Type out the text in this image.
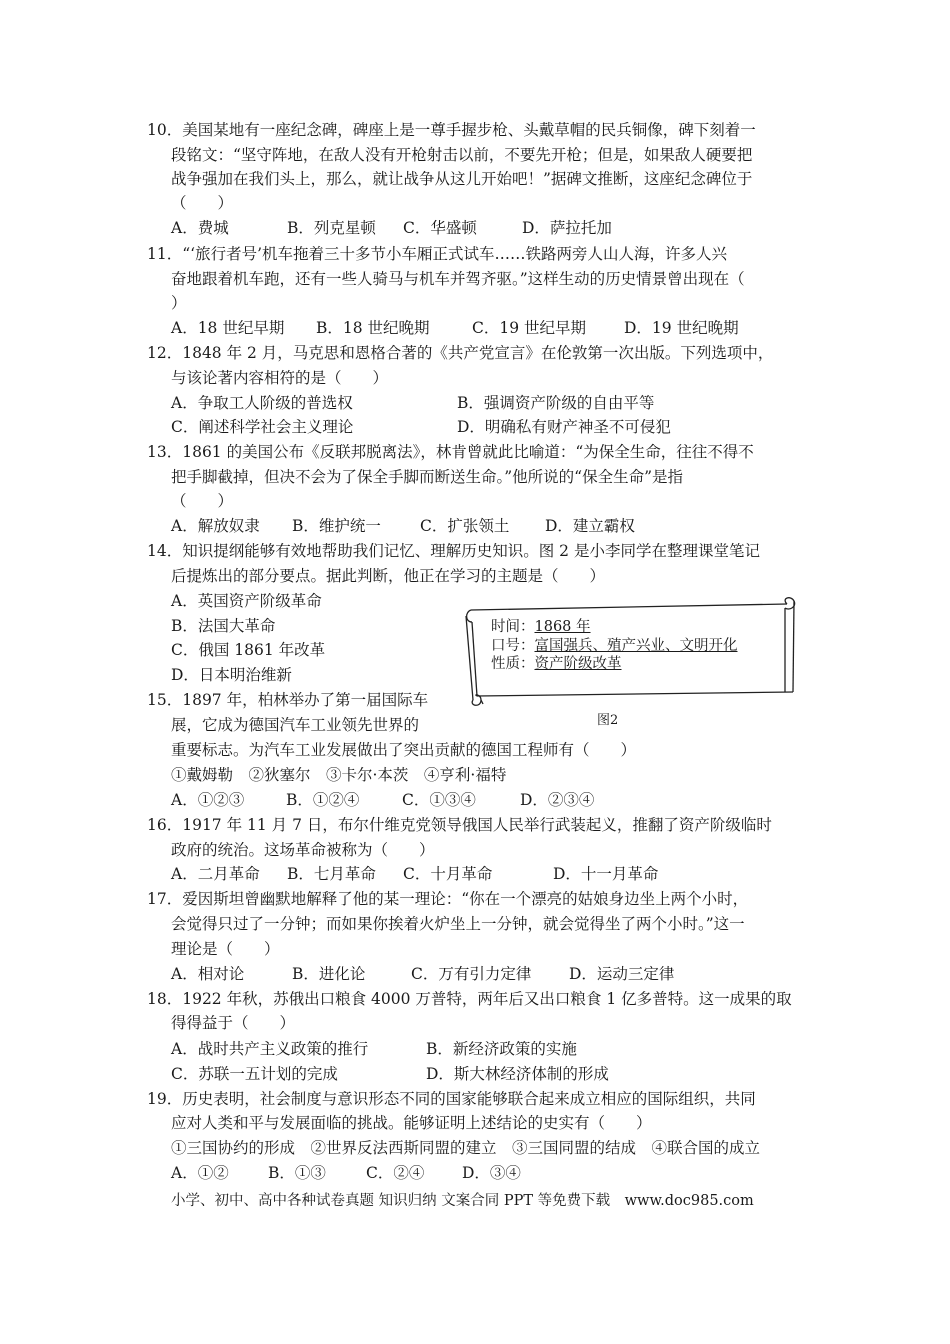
10．美国某地有一座纪念碑，碑座上是一尊手握步枪、头戴草帽的民兵铜像，碑下刻着一
段铭文：“坚守阵地，在敌人没有开枪射击以前，不要先开枪；但是，如果敌人硬要把
战争强加在我们头上，那么，就让战争从这儿开始吧！”据碑文推断，这座纪念碑位于
（　　）
A．费城	B．列克星顿 C．华盛顿	D．萨拉托加
11．“‘旅行者号’机车拖着三十多节小车厢正式试车……铁路两旁人山人海，许多人兴
奋地跟着机车跑，还有一些人骑马与机车并驾齐驱。”这样生动的历史情景曾出现在（
）
A．18 世纪早期 B．18 世纪晚期	C．19 世纪早期 D．19 世纪晚期
12．1848 年 2 月，马克思和恩格合著的《共产党宣言》在伦敦第一次出版。下列选项中，
与该论著内容相符的是（　　）
A．争取工人阶级的普选权	B．强调资产阶级的自由平等
C．阐述科学社会主义理论	D．明确私有财产神圣不可侵犯
13．1861 的美国公布《反联邦脱离法》，林肯曾就此比喻道：“为保全生命，往往不得不
把手脚截掉，但决不会为了保全手脚而断送生命。”他所说的“保全生命”是指
（　　）
A．解放奴隶 B．维护统一	C．扩张领土 D．建立霸权
14．知识提纲能够有效地帮助我们记忆、理解历史知识。图 2 是小李同学在整理课堂笔记
后提炼出的部分要点。据此判断，他正在学习的主题是（　　）
A．英国资产阶级革命
B．法国大革命
C．俄国 1861 年改革
D．日本明治维新
时间：1868 年
口号：富国强兵、殖产兴业、文明开化
性质：资产阶级改革
图2
15．1897 年，柏林举办了第一届国际车
展，它成为德国汽车工业领先世界的
重要标志。为汽车工业发展做出了突出贡献的德国工程师有（　　）
①戴姆勒　②狄塞尔　③卡尔·本茨　④亨利·福特
A．①②③	B．①②④	C．①③④	D．②③④
16．1917 年 11 月 7 日，布尔什维克党领导俄国人民举行武装起义，推翻了资产阶级临时
政府的统治。这场革命被称为（　　）
A．二月革命 B．七月革命 C．十月革命	D．十一月革命
17．爱因斯坦曾幽默地解释了他的某一理论：“你在一个漂亮的姑娘身边坐上两个小时，
会觉得只过了一分钟；而如果你挨着火炉坐上一分钟，就会觉得坐了两个小时。”这一
理论是（　　）
A．相对论	B．进化论	C．万有引力定律 D．运动三定律
18．1922 年秋，苏俄出口粮食 4000 万普特，两年后又出口粮食 1 亿多普特。这一成果的取
得得益于（　　）
A．战时共产主义政策的推行	B．新经济政策的实施
C．苏联一五计划的完成	D．斯大林经济体制的形成
19．历史表明，社会制度与意识形态不同的国家能够联合起来成立相应的国际组织，共同
应对人类和平与发展面临的挑战。能够证明上述结论的史实有（　　）
①三国协约的形成　②世界反法西斯同盟的建立　③三国同盟的结成　④联合国的成立
A．①②	B．①③	C．②④ D．③④
小学、初中、高中各种试卷真题 知识归纳 文案合同 PPT 等免费下载　www.doc985.com
